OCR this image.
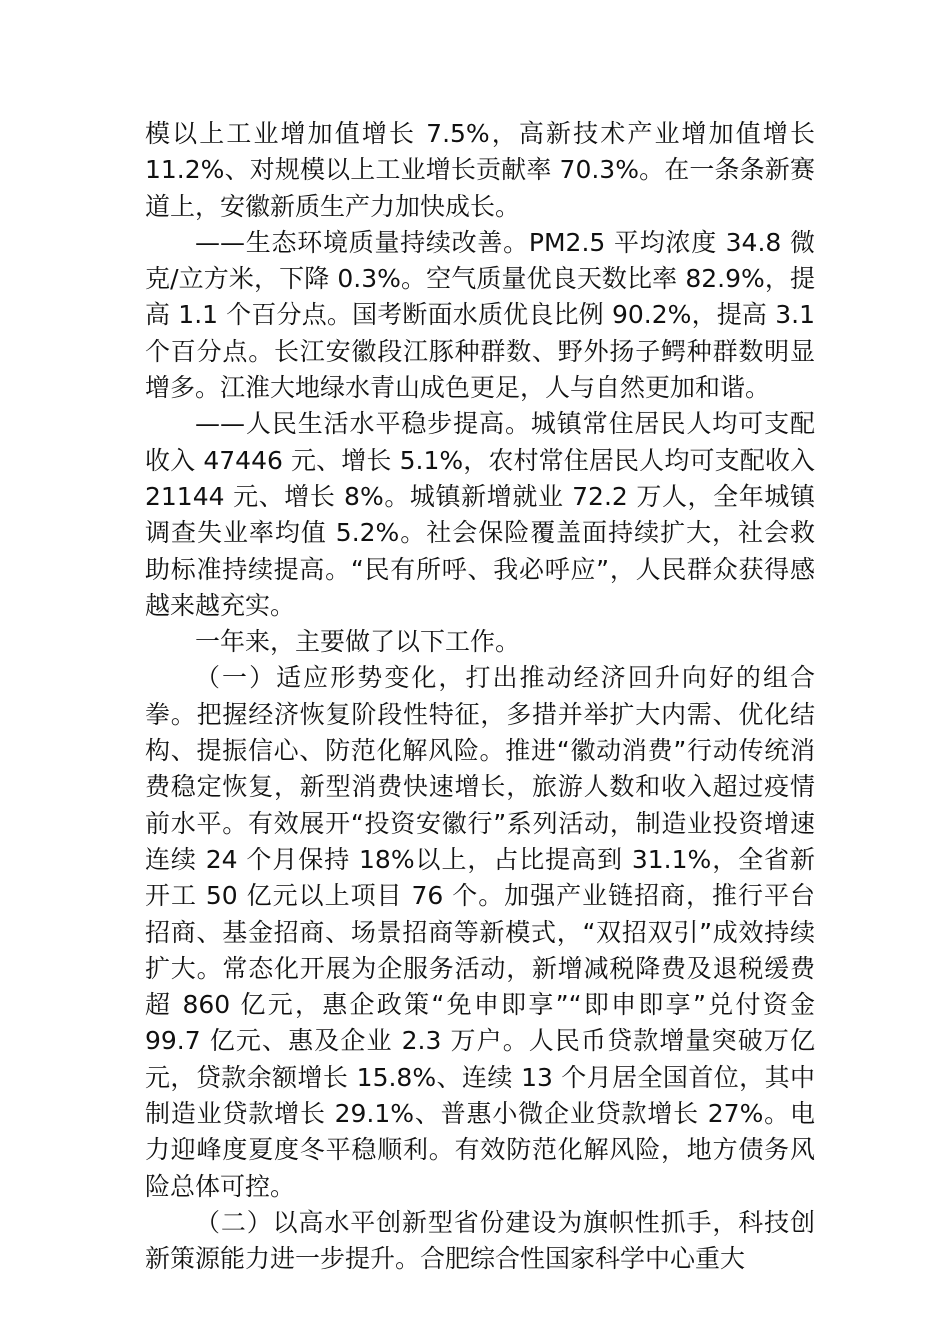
模以上工业增加值增长 7.5%，高新技术产业增加值增长 11.2%、对规模以上工业增长贡献率 70.3%。在一条条新赛道上，安徽新质生产力加快成长。

——生态环境质量持续改善。PM2.5 平均浓度 34.8 微克/立方米，下降 0.3%。空气质量优良天数比率 82.9%，提高 1.1 个百分点。国考断面水质优良比例 90.2%，提高 3.1 个百分点。长江安徽段江豚种群数、野外扬子鳄种群数明显增多。江淮大地绿水青山成色更足，人与自然更加和谐。

——人民生活水平稳步提高。城镇常住居民人均可支配收入 47446 元、增长 5.1%，农村常住居民人均可支配收入 21144 元、增长 8%。城镇新增就业 72.2 万人，全年城镇调查失业率均值 5.2%。社会保险覆盖面持续扩大，社会救助标准持续提高。“民有所呼、我必呼应”，人民群众获得感越来越充实。

一年来，主要做了以下工作。

（一）适应形势变化，打出推动经济回升向好的组合拳。把握经济恢复阶段性特征，多措并举扩大内需、优化结构、提振信心、防范化解风险。推进“徽动消费”行动传统消费稳定恢复，新型消费快速增长，旅游人数和收入超过疫情前水平。有效展开“投资安徽行”系列活动，制造业投资增速连续 24 个月保持 18%以上，占比提高到 31.1%，全省新开工 50 亿元以上项目 76 个。加强产业链招商，推行平台招商、基金招商、场景招商等新模式，“双招双引”成效持续扩大。常态化开展为企服务活动，新增减税降费及退税缓费超 860 亿元，惠企政策“免申即享”“即申即享”兑付资金 99.7 亿元、惠及企业 2.3 万户。人民币贷款增量突破万亿元，贷款余额增长 15.8%、连续 13 个月居全国首位，其中制造业贷款增长 29.1%、普惠小微企业贷款增长 27%。电力迎峰度夏度冬平稳顺利。有效防范化解风险，地方债务风险总体可控。

（二）以高水平创新型省份建设为旗帜性抓手，科技创新策源能力进一步提升。合肥综合性国家科学中心重大
